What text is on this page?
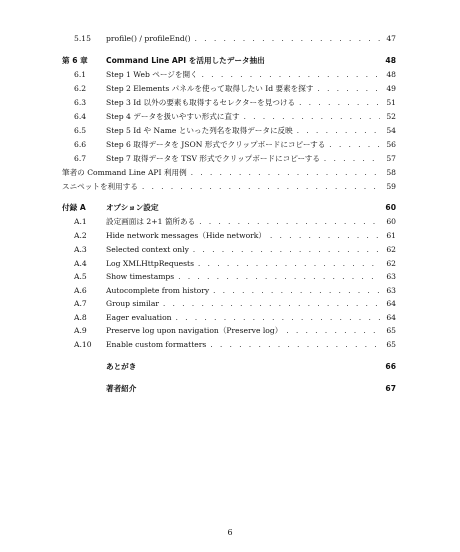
5.15	profile() / profileEnd() . . .	47
第 6 章	Command Line API を活用したデータ抽出	48
6.1	Step 1 Web ページを開く . . .	48
6.2	Step 2 Elements パネルを使って取得したい Id 要素を探す . . .	49
6.3	Step 3 Id 以外の要素も取得するセレクターを見つける . . .	51
6.4	Step 4 データを扱いやすい形式に直す . . .	52
6.5	Step 5 Id や Name といった列名を取得データに反映 . . .	54
6.6	Step 6 取得データを JSON 形式でクリップボードにコピーする . . .	56
6.7	Step 7 取得データを TSV 形式でクリップボードにコピーする . . .	57
筆者の Command Line API 利用例 . . .	58
スニペットを利用する . . .	59
付録 A	オプション設定	60
A.1	設定画面は 2+1 箇所ある . . .	60
A.2	Hide network messages（Hide network） . . .	61
A.3	Selected context only . . .	62
A.4	Log XMLHttpRequests . . .	62
A.5	Show timestamps . . .	63
A.6	Autocomplete from history . . .	63
A.7	Group similar . . .	64
A.8	Eager evaluation . . .	64
A.9	Preserve log upon navigation（Preserve log） . . .	65
A.10	Enable custom formatters . . .	65
あとがき	66
著者紹介	67
6
